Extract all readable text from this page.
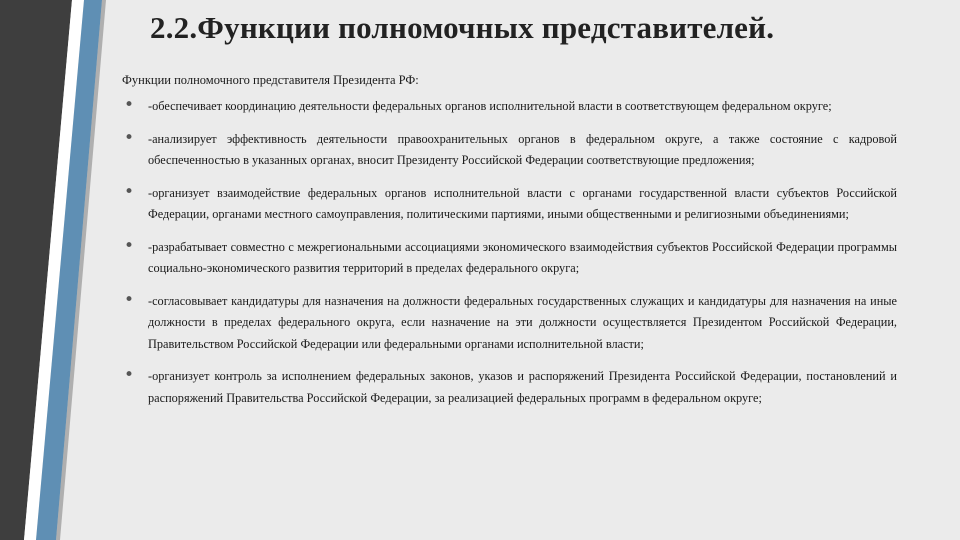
2.2.Функции полномочных представителей.
Функции полномочного представителя Президента РФ:
• -обеспечивает координацию деятельности федеральных органов исполнительной власти в соответствующем федеральном округе;
• -анализирует эффективность деятельности правоохранительных органов в федеральном округе, а также состояние с кадровой обеспеченностью в указанных органах, вносит Президенту Российской Федерации соответствующие предложения;
• -организует взаимодействие федеральных органов исполнительной власти с органами государственной власти субъектов Российской Федерации, органами местного самоуправления, политическими партиями, иными общественными и религиозными объединениями;
• -разрабатывает совместно с межрегиональными ассоциациями экономического взаимодействия субъектов Российской Федерации программы социально-экономического развития территорий в пределах федерального округа;
• -согласовывает кандидатуры для назначения на должности федеральных государственных служащих и кандидатуры для назначения на иные должности в пределах федерального округа, если назначение на эти должности осуществляется Президентом Российской Федерации, Правительством Российской Федерации или федеральными органами исполнительной власти;
• -организует контроль за исполнением федеральных законов, указов и распоряжений Президента Российской Федерации, постановлений и распоряжений Правительства Российской Федерации, за реализацией федеральных программ в федеральном округе;
